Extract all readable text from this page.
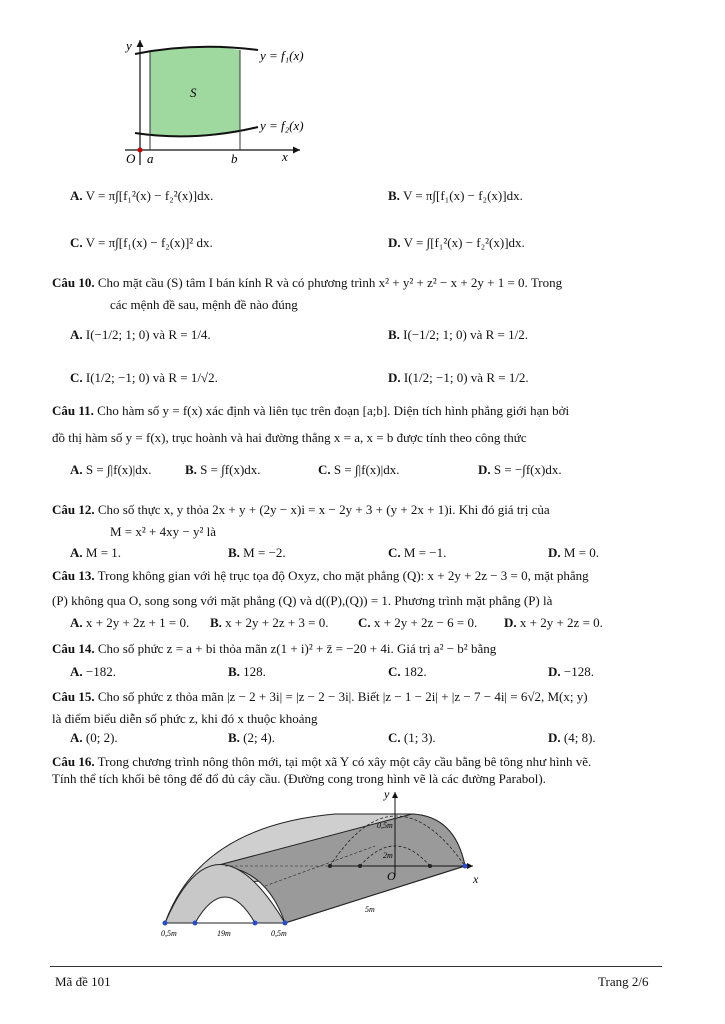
y
y = f₁(x)
y = f₂(x)
S
O a	b	x
A. V = π∫[f₁²(x) − f₂²(x)]dx.	B. V = π∫[f₁(x) − f₂(x)]dx.
C. V = π∫[f₁(x) − f₂(x)]² dx.	D. V = ∫[f₁²(x) − f₂²(x)]dx.
Câu 10. Cho mặt cầu (S) tâm I bán kính R và có phương trình x² + y² + z² − x + 2y + 1 = 0. Trong
các mệnh đề sau, mệnh đề nào đúng
A. I(−1/2; 1; 0) và R = 1/4.	B. I(−1/2; 1; 0) và R = 1/2.
C. I(1/2; −1; 0) và R = 1/√2.	D. I(1/2; −1; 0) và R = 1/2.
Câu 11. Cho hàm số y = f(x) xác định và liên tục trên đoạn [a;b]. Diện tích hình phẳng giới hạn bởi
đồ thị hàm số y = f(x), trục hoành và hai đường thẳng x = a, x = b được tính theo công thức
A. S = ∫|f(x)|dx.	B. S = ∫f(x)dx.	C. S = ∫|f(x)|dx.	D. S = −∫f(x)dx.
Câu 12. Cho số thực x, y thỏa 2x + y + (2y − x)i = x − 2y + 3 + (y + 2x + 1)i. Khi đó giá trị của
M = x² + 4xy − y² là
A. M = 1.	B. M = −2.	C. M = −1.	D. M = 0.
Câu 13. Trong không gian với hệ trục tọa độ Oxyz, cho mặt phẳng (Q): x + 2y + 2z − 3 = 0, mặt phẳng
(P) không qua O, song song với mặt phẳng (Q) và d((P),(Q)) = 1. Phương trình mặt phẳng (P) là
A. x + 2y + 2z + 1 = 0. B. x + 2y + 2z + 3 = 0. C. x + 2y + 2z − 6 = 0. D. x + 2y + 2z = 0.
Câu 14. Cho số phức z = a + bi thỏa mãn z(1 + i)² + z̄ = −20 + 4i. Giá trị a² − b² bằng
A. −182.	B. 128.	C. 182.	D. −128.
Câu 15. Cho số phức z thỏa mãn |z − 2 + 3i| = |z − 2 − 3i|. Biết |z − 1 − 2i| + |z − 7 − 4i| = 6√2, M(x; y)
là điểm biểu diễn số phức z, khi đó x thuộc khoảng
A. (0; 2).	B. (2; 4).	C. (1; 3).	D. (4; 8).
Câu 16. Trong chương trình nông thôn mới, tại một xã Y có xây một cây cầu bằng bê tông như hình vẽ.
Tính thể tích khối bê tông để đổ đủ cây cầu. (Đường cong trong hình vẽ là các đường Parabol).
y
x
O
0,5m
2m
5m
0,5m	19m	0,5m
Mã đề 101	Trang 2/6
